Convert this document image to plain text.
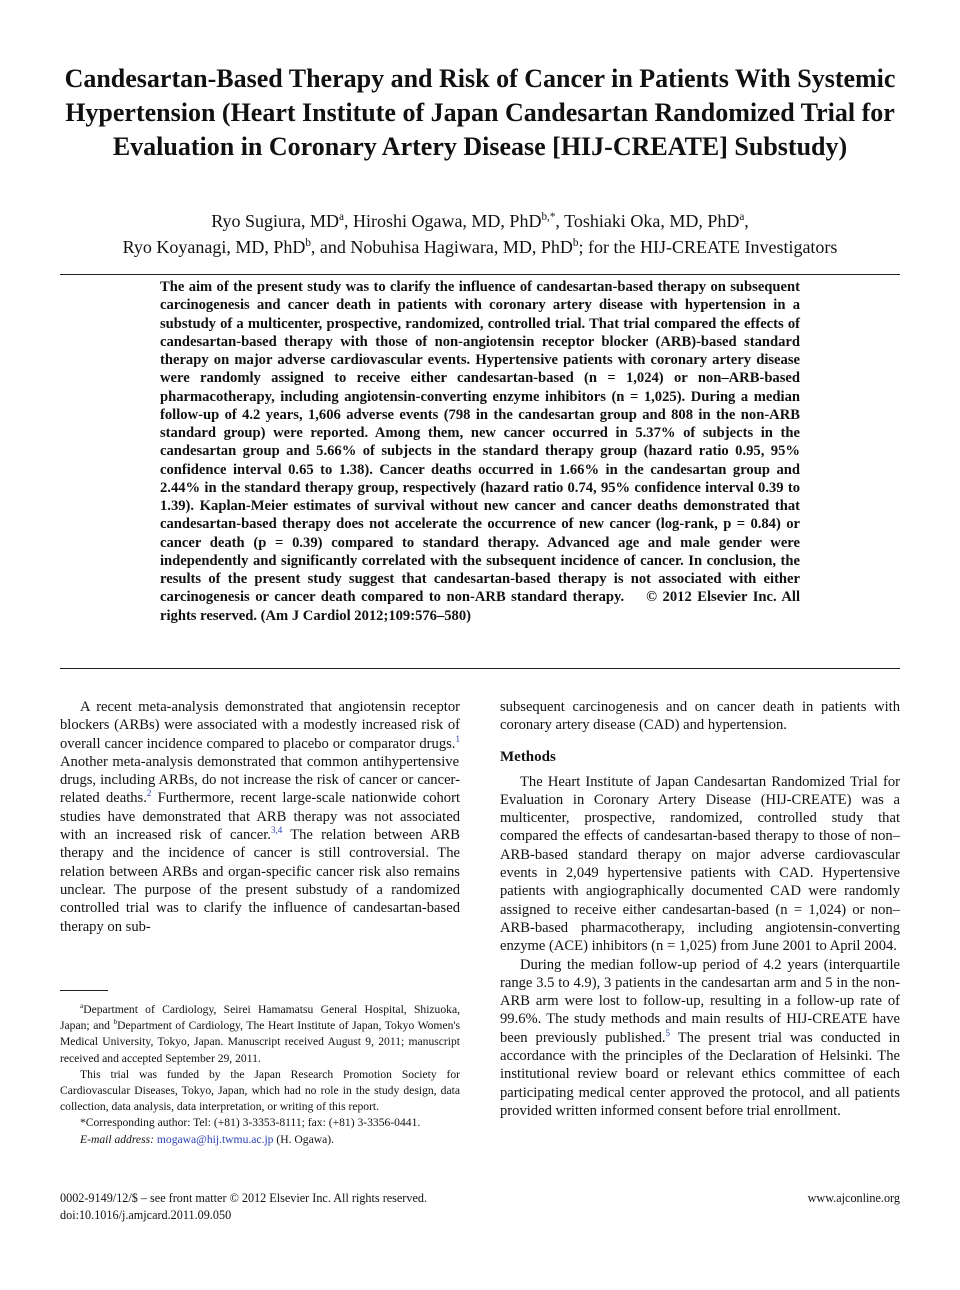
Candesartan-Based Therapy and Risk of Cancer in Patients With Systemic Hypertension (Heart Institute of Japan Candesartan Randomized Trial for Evaluation in Coronary Artery Disease [HIJ-CREATE] Substudy)
Ryo Sugiura, $MD^a$, Hiroshi Ogawa, MD, PhD$^{b,*}$, Toshiaki Oka, MD, PhD$^a$,
Ryo Koyanagi, MD, PhD$^b$, and Nobuhisa Hagiwara, MD, PhD$^b$; for the HIJ-CREATE Investigators

The aim of the present study was to clarify the influence of candesartan-based therapy on subsequent carcinogenesis and cancer death in patients with coronary artery disease with hypertension in a substudy of a multicenter, prospective, randomized, controlled trial. That trial compared the effects of candesartan-based therapy with those of non-angiotensin receptor blocker (ARB)-based standard therapy on major adverse cardiovascular events. Hypertensive patients with coronary artery disease were randomly assigned to receive either candesartan-based (n = 1,024) or non–ARB-based pharmacotherapy, including angiotensin-converting enzyme inhibitors (n = 1,025). During a median follow-up of 4.2 years, 1,606 adverse events (798 in the candesartan group and 808 in the non-ARB standard group) were reported. Among them, new cancer occurred in 5.37% of subjects in the candesartan group and 5.66% of subjects in the standard therapy group (hazard ratio 0.95, 95% confidence interval 0.65 to 1.38). Cancer deaths occurred in 1.66% in the candesartan group and 2.44% in the standard therapy group, respectively (hazard ratio 0.74, 95% confidence interval 0.39 to 1.39). Kaplan-Meier estimates of survival without new cancer and cancer deaths demonstrated that candesartan-based therapy does not accelerate the occurrence of new cancer (log-rank, p = 0.84) or cancer death (p = 0.39) compared to standard therapy. Advanced age and male gender were independently and significantly correlated with the subsequent incidence of cancer. In conclusion, the results of the present study suggest that candesartan-based therapy is not associated with either carcinogenesis or cancer death compared to non-ARB standard therapy. © 2012 Elsevier Inc. All rights reserved. (Am J Cardiol 2012;109:576–580)

A recent meta-analysis demonstrated that angiotensin receptor blockers (ARBs) were associated with a modestly increased risk of overall cancer incidence compared to placebo or comparator drugs.$^1$ Another meta-analysis demonstrated that common antihypertensive drugs, including ARBs, do not increase the risk of cancer or cancer-related deaths.$^2$ Furthermore, recent large-scale nationwide cohort studies have demonstrated that ARB therapy was not associated with an increased risk of cancer.$^{3,4}$ The relation between ARB therapy and the incidence of cancer is still controversial. The relation between ARBs and organ-specific cancer risk also remains unclear. The purpose of the present substudy of a randomized controlled trial was to clarify the influence of candesartan-based therapy on sub-

subsequent carcinogenesis and on cancer death in patients with coronary artery disease (CAD) and hypertension.

Methods

The Heart Institute of Japan Candesartan Randomized Trial for Evaluation in Coronary Artery Disease (HIJ-CREATE) was a multicenter, prospective, randomized, controlled study that compared the effects of candesartan-based therapy to those of non–ARB-based standard therapy on major adverse cardiovascular events in 2,049 hypertensive patients with CAD. Hypertensive patients with angiographically documented CAD were randomly assigned to receive either candesartan-based (n = 1,024) or non–ARB-based pharmacotherapy, including angiotensin-converting enzyme (ACE) inhibitors (n = 1,025) from June 2001 to April 2004.

During the median follow-up period of 4.2 years (interquartile range 3.5 to 4.9), 3 patients in the candesartan arm and 5 in the non-ARB arm were lost to follow-up, resulting in a follow-up rate of 99.6%. The study methods and main results of HIJ-CREATE have been previously published.$^5$ The present trial was conducted in accordance with the principles of the Declaration of Helsinki. The institutional review board or relevant ethics committee of each participating medical center approved the protocol, and all patients provided written informed consent before trial enrollment.

$^a$Department of Cardiology, Seirei Hamamatsu General Hospital, Shizuoka, Japan; and $^b$Department of Cardiology, The Heart Institute of Japan, Tokyo Women's Medical University, Tokyo, Japan. Manuscript received August 9, 2011; manuscript received and accepted September 29, 2011.

This trial was funded by the Japan Research Promotion Society for Cardiovascular Diseases, Tokyo, Japan, which had no role in the study design, data collection, data analysis, data interpretation, or writing of this report.

*Corresponding author: Tel: (+81) 3-3353-8111; fax: (+81) 3-3356-0441.

E-mail address: mogawa@hij.twmu.ac.jp (H. Ogawa).

0002-9149/12/$ – see front matter © 2012 Elsevier Inc. All rights reserved.
doi:10.1016/j.amjcard.2011.09.050
www.ajconline.org
